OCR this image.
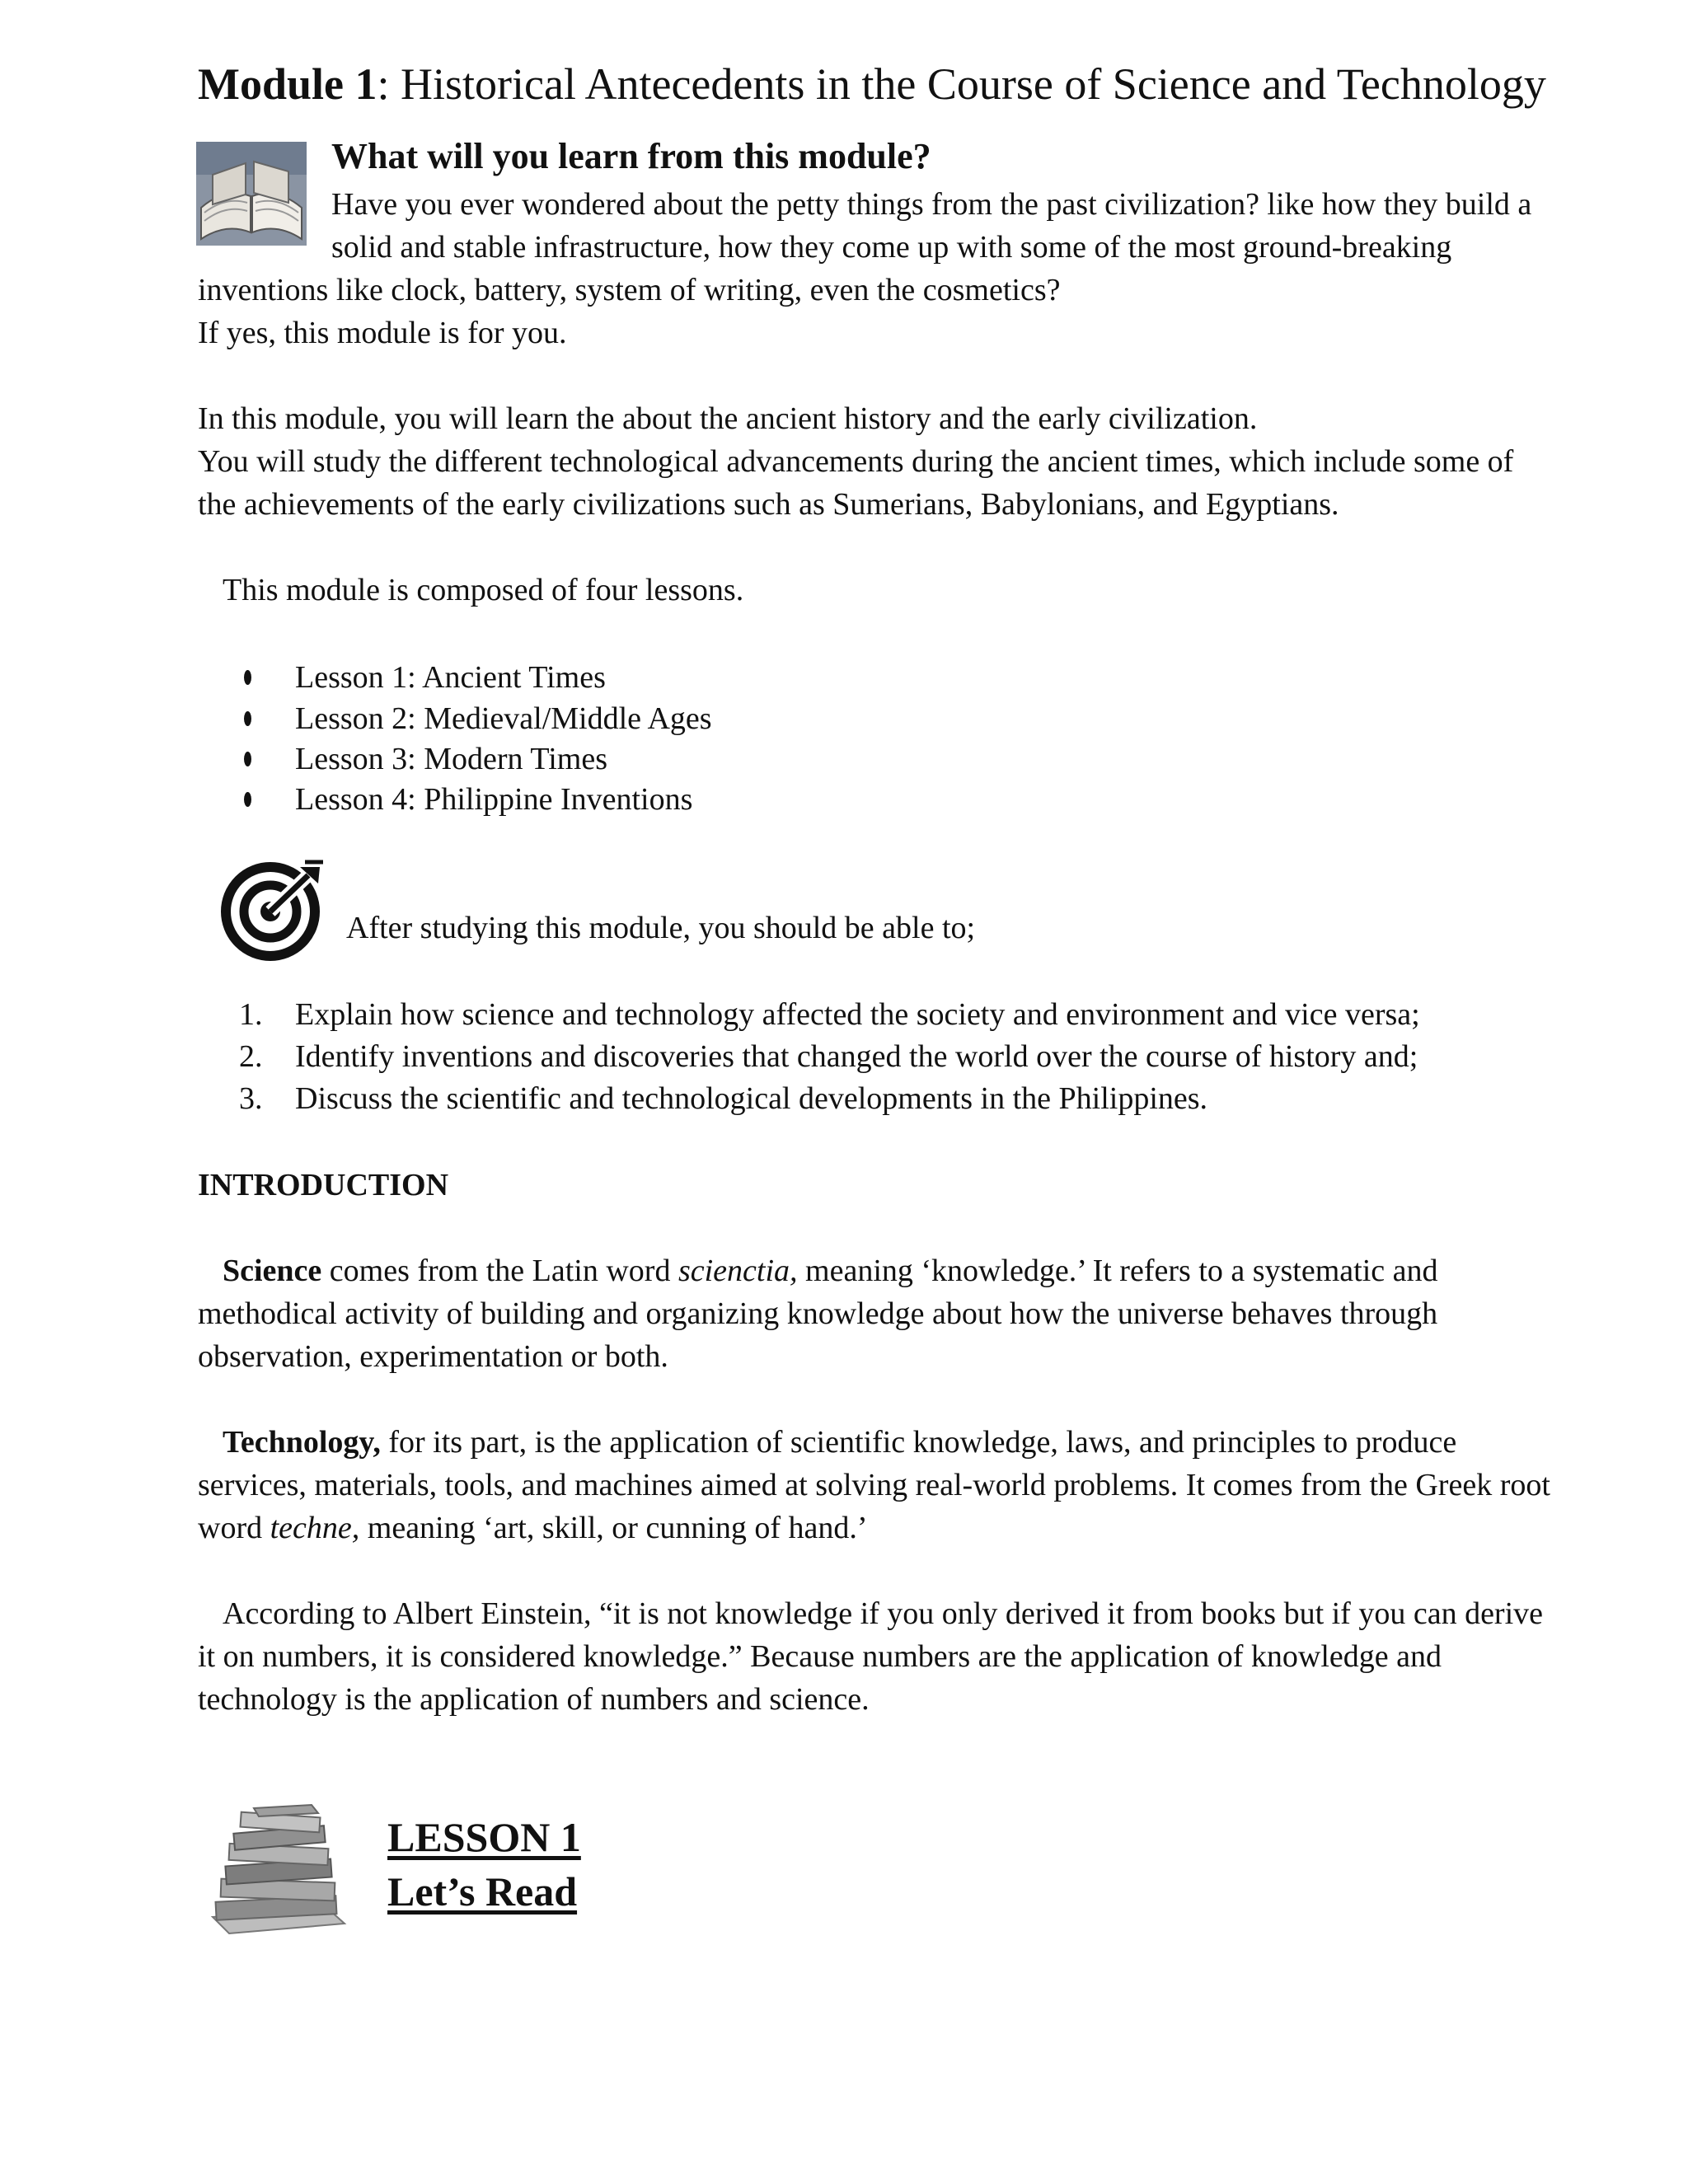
Module 1: Historical Antecedents in the Course of Science and Technology
What will you learn from this module?
Have you ever wondered about the petty things from the past civilization? like how they build a
solid and stable infrastructure, how they come up with some of the most ground-breaking
inventions like clock, battery, system of writing, even the cosmetics?
If yes, this module is for you.
In this module, you will learn the about the ancient history and the early civilization.
You will study the different technological advancements during the ancient times, which include some of
the achievements of the early civilizations such as Sumerians, Babylonians, and Egyptians.
This module is composed of four lessons.
Lesson 1: Ancient Times
Lesson 2: Medieval/Middle Ages
Lesson 3: Modern Times
Lesson 4: Philippine Inventions
After studying this module, you should be able to;
1. Explain how science and technology affected the society and environment and vice versa;
2. Identify inventions and discoveries that changed the world over the course of history and;
3. Discuss the scientific and technological developments in the Philippines.
INTRODUCTION
Science comes from the Latin word scienctia, meaning ‘knowledge.’ It refers to a systematic and
methodical activity of building and organizing knowledge about how the universe behaves through
observation, experimentation or both.
Technology, for its part, is the application of scientific knowledge, laws, and principles to produce
services, materials, tools, and machines aimed at solving real-world problems. It comes from the Greek root
word techne, meaning ‘art, skill, or cunning of hand.’
According to Albert Einstein, “it is not knowledge if you only derived it from books but if you can derive
it on numbers, it is considered knowledge.” Because numbers are the application of knowledge and
technology is the application of numbers and science.
LESSON 1
Let’s Read
